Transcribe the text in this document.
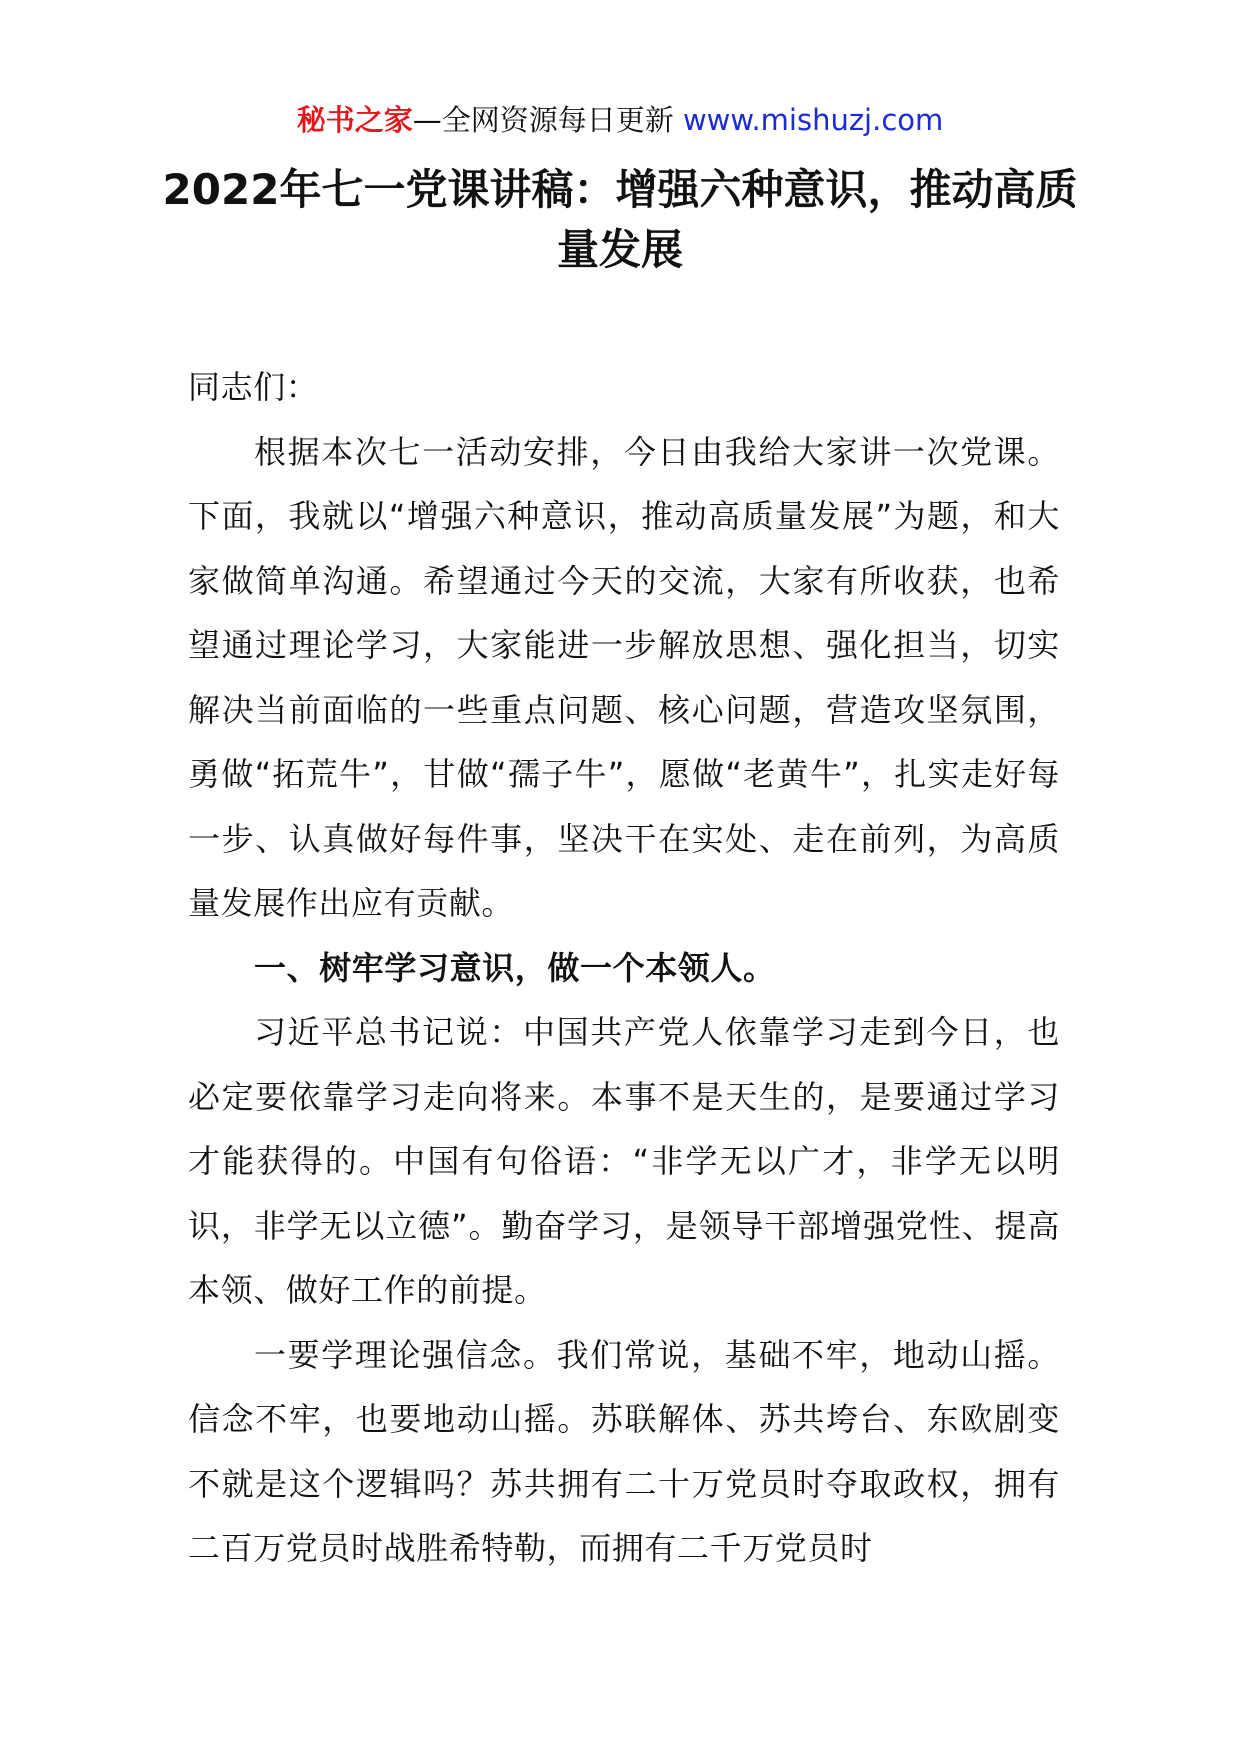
秘书之家—全网资源每日更新 www.mishuzj.com
2022年七一党课讲稿：增强六种意识，推动高质量发展

同志们：

根据本次七一活动安排，今日由我给大家讲一次党课。下面，我就以“增强六种意识，推动高质量发展”为题，和大家做简单沟通。希望通过今天的交流，大家有所收获，也希望通过理论学习，大家能进一步解放思想、强化担当，切实解决当前面临的一些重点问题、核心问题，营造攻坚氛围，勇做“拓荒牛”，甘做“孺子牛”，愿做“老黄牛”，扎实走好每一步、认真做好每件事，坚决干在实处、走在前列，为高质量发展作出应有贡献。

一、树牢学习意识，做一个本领人。

习近平总书记说：中国共产党人依靠学习走到今日，也必定要依靠学习走向将来。本事不是天生的，是要通过学习才能获得的。中国有句俗语：“非学无以广才，非学无以明识，非学无以立德”。勤奋学习，是领导干部增强党性、提高本领、做好工作的前提。

一要学理论强信念。我们常说，基础不牢，地动山摇。信念不牢，也要地动山摇。苏联解体、苏共垮台、东欧剧变不就是这个逻辑吗？苏共拥有二十万党员时夺取政权，拥有二百万党员时战胜希特勒，而拥有二千万党员时
